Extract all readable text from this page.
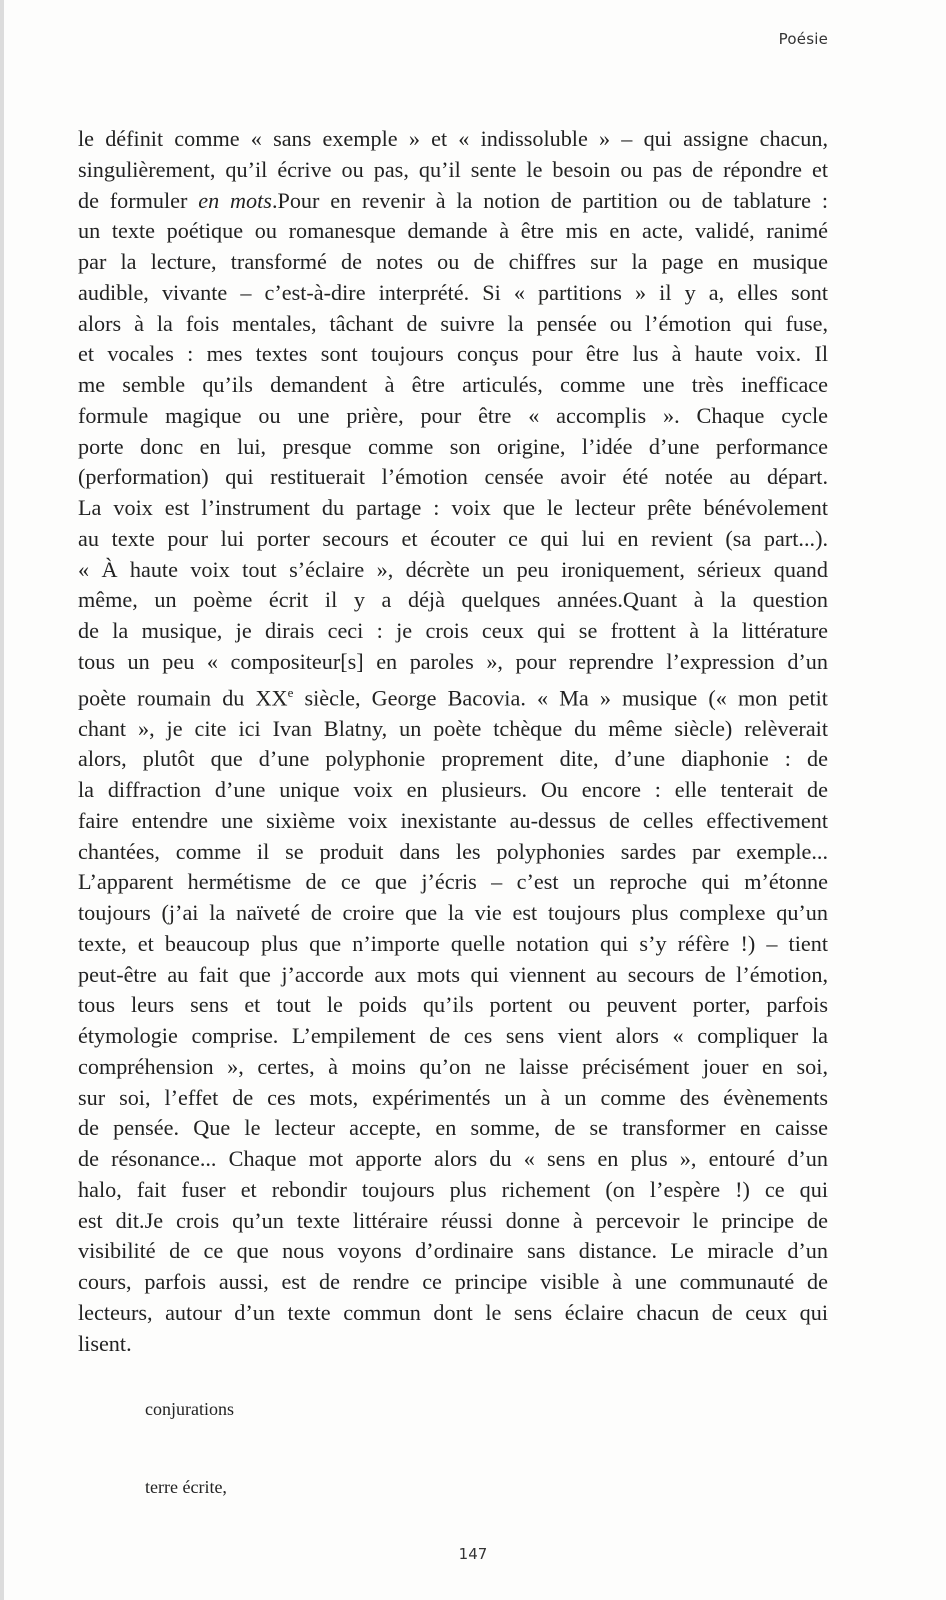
Poésie
le définit comme « sans exemple » et « indissoluble » – qui assigne chacun,
singulièrement, qu’il écrive ou pas, qu’il sente le besoin ou pas de répondre et
de formuler en mots.Pour en revenir à la notion de partition ou de tablature :
un texte poétique ou romanesque demande à être mis en acte, validé, ranimé
par la lecture, transformé de notes ou de chiffres sur la page en musique
audible, vivante – c’est-à-dire interprété. Si « partitions » il y a, elles sont
alors à la fois mentales, tâchant de suivre la pensée ou l’émotion qui fuse,
et vocales : mes textes sont toujours conçus pour être lus à haute voix. Il
me semble qu’ils demandent à être articulés, comme une très inefficace
formule magique ou une prière, pour être « accomplis ». Chaque cycle
porte donc en lui, presque comme son origine, l’idée d’une performance
(performation) qui restituerait l’émotion censée avoir été notée au départ.
La voix est l’instrument du partage : voix que le lecteur prête bénévolement
au texte pour lui porter secours et écouter ce qui lui en revient (sa part...).
« À haute voix tout s’éclaire », décrète un peu ironiquement, sérieux quand
même, un poème écrit il y a déjà quelques années.Quant à la question
de la musique, je dirais ceci : je crois ceux qui se frottent à la littérature
tous un peu « compositeur[s] en paroles », pour reprendre l’expression d’un
poète roumain du XXe siècle, George Bacovia. « Ma » musique (« mon petit
chant », je cite ici Ivan Blatny, un poète tchèque du même siècle) relèverait
alors, plutôt que d’une polyphonie proprement dite, d’une diaphonie : de
la diffraction d’une unique voix en plusieurs. Ou encore : elle tenterait de
faire entendre une sixième voix inexistante au-dessus de celles effectivement
chantées, comme il se produit dans les polyphonies sardes par exemple...
L’apparent hermétisme de ce que j’écris – c’est un reproche qui m’étonne
toujours (j’ai la naïveté de croire que la vie est toujours plus complexe qu’un
texte, et beaucoup plus que n’importe quelle notation qui s’y réfère !) – tient
peut-être au fait que j’accorde aux mots qui viennent au secours de l’émotion,
tous leurs sens et tout le poids qu’ils portent ou peuvent porter, parfois
étymologie comprise. L’empilement de ces sens vient alors « compliquer la
compréhension », certes, à moins qu’on ne laisse précisément jouer en soi,
sur soi, l’effet de ces mots, expérimentés un à un comme des évènements
de pensée. Que le lecteur accepte, en somme, de se transformer en caisse
de résonance... Chaque mot apporte alors du « sens en plus », entouré d’un
halo, fait fuser et rebondir toujours plus richement (on l’espère !) ce qui
est dit.Je crois qu’un texte littéraire réussi donne à percevoir le principe de
visibilité de ce que nous voyons d’ordinaire sans distance. Le miracle d’un
cours, parfois aussi, est de rendre ce principe visible à une communauté de
lecteurs, autour d’un texte commun dont le sens éclaire chacun de ceux qui
lisent.
conjurations
terre écrite,
147
